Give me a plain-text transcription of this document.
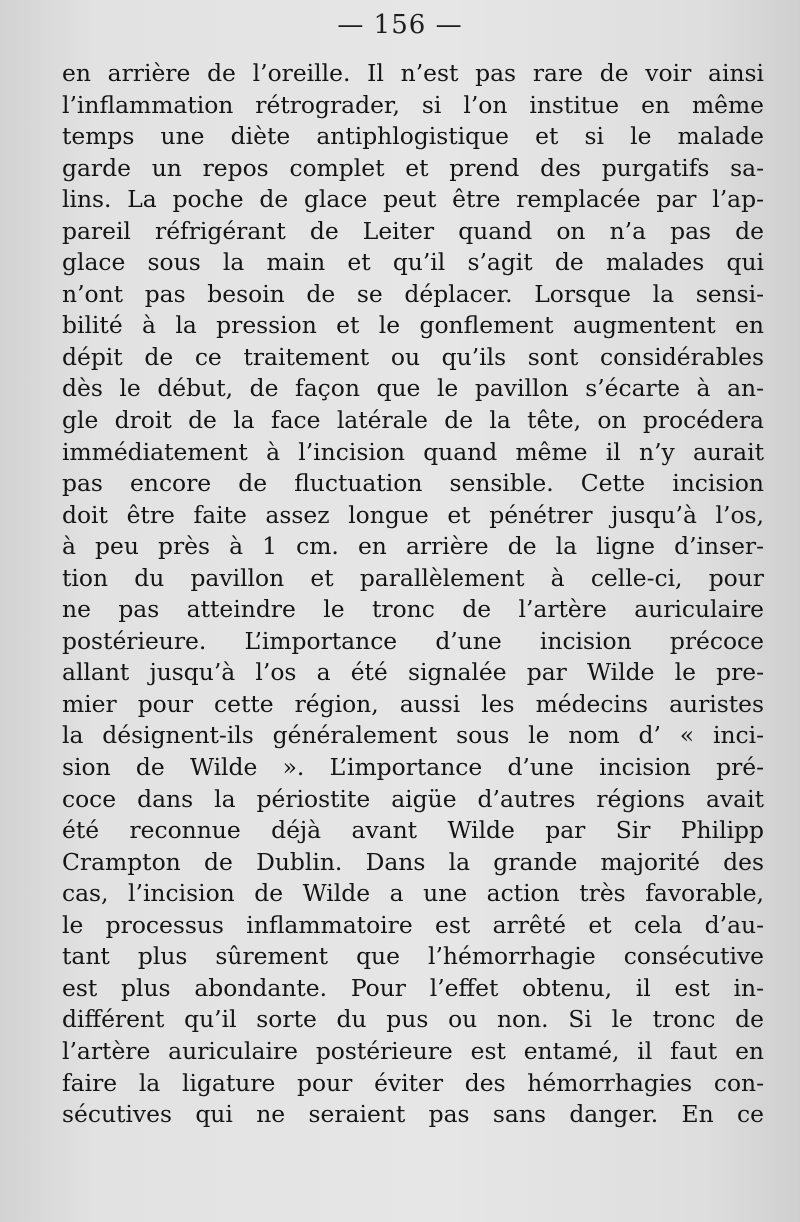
— 156 —
en arrière de l’oreille. Il n’est pas rare de voir ainsi
l’inflammation rétrograder, si l’on institue en même
temps une diète antiphlogistique et si le malade
garde un repos complet et prend des purgatifs sa-
lins. La poche de glace peut être remplacée par l’ap-
pareil réfrigérant de Leiter quand on n’a pas de
glace sous la main et qu’il s’agit de malades qui
n’ont pas besoin de se déplacer. Lorsque la sensi-
bilité à la pression et le gonflement augmentent en
dépit de ce traitement ou qu’ils sont considérables
dès le début, de façon que le pavillon s’écarte à an-
gle droit de la face latérale de la tête, on procédera
immédiatement à l’incision quand même il n’y aurait
pas encore de fluctuation sensible. Cette incision
doit être faite assez longue et pénétrer jusqu’à l’os,
à peu près à 1 cm. en arrière de la ligne d’inser-
tion du pavillon et parallèlement à celle-ci, pour
ne pas atteindre le tronc de l’artère auriculaire
postérieure. L’importance d’une incision précoce
allant jusqu’à l’os a été signalée par Wilde le pre-
mier pour cette région, aussi les médecins auristes
la désignent-ils généralement sous le nom d’ « inci-
sion de Wilde ». L’importance d’une incision pré-
coce dans la périostite aigüe d’autres régions avait
été reconnue déjà avant Wilde par Sir Philipp
Crampton de Dublin. Dans la grande majorité des
cas, l’incision de Wilde a une action très favorable,
le processus inflammatoire est arrêté et cela d’au-
tant plus sûrement que l’hémorrhagie consécutive
est plus abondante. Pour l’effet obtenu, il est in-
différent qu’il sorte du pus ou non. Si le tronc de
l’artère auriculaire postérieure est entamé, il faut en
faire la ligature pour éviter des hémorrhagies con-
sécutives qui ne seraient pas sans danger. En ce
